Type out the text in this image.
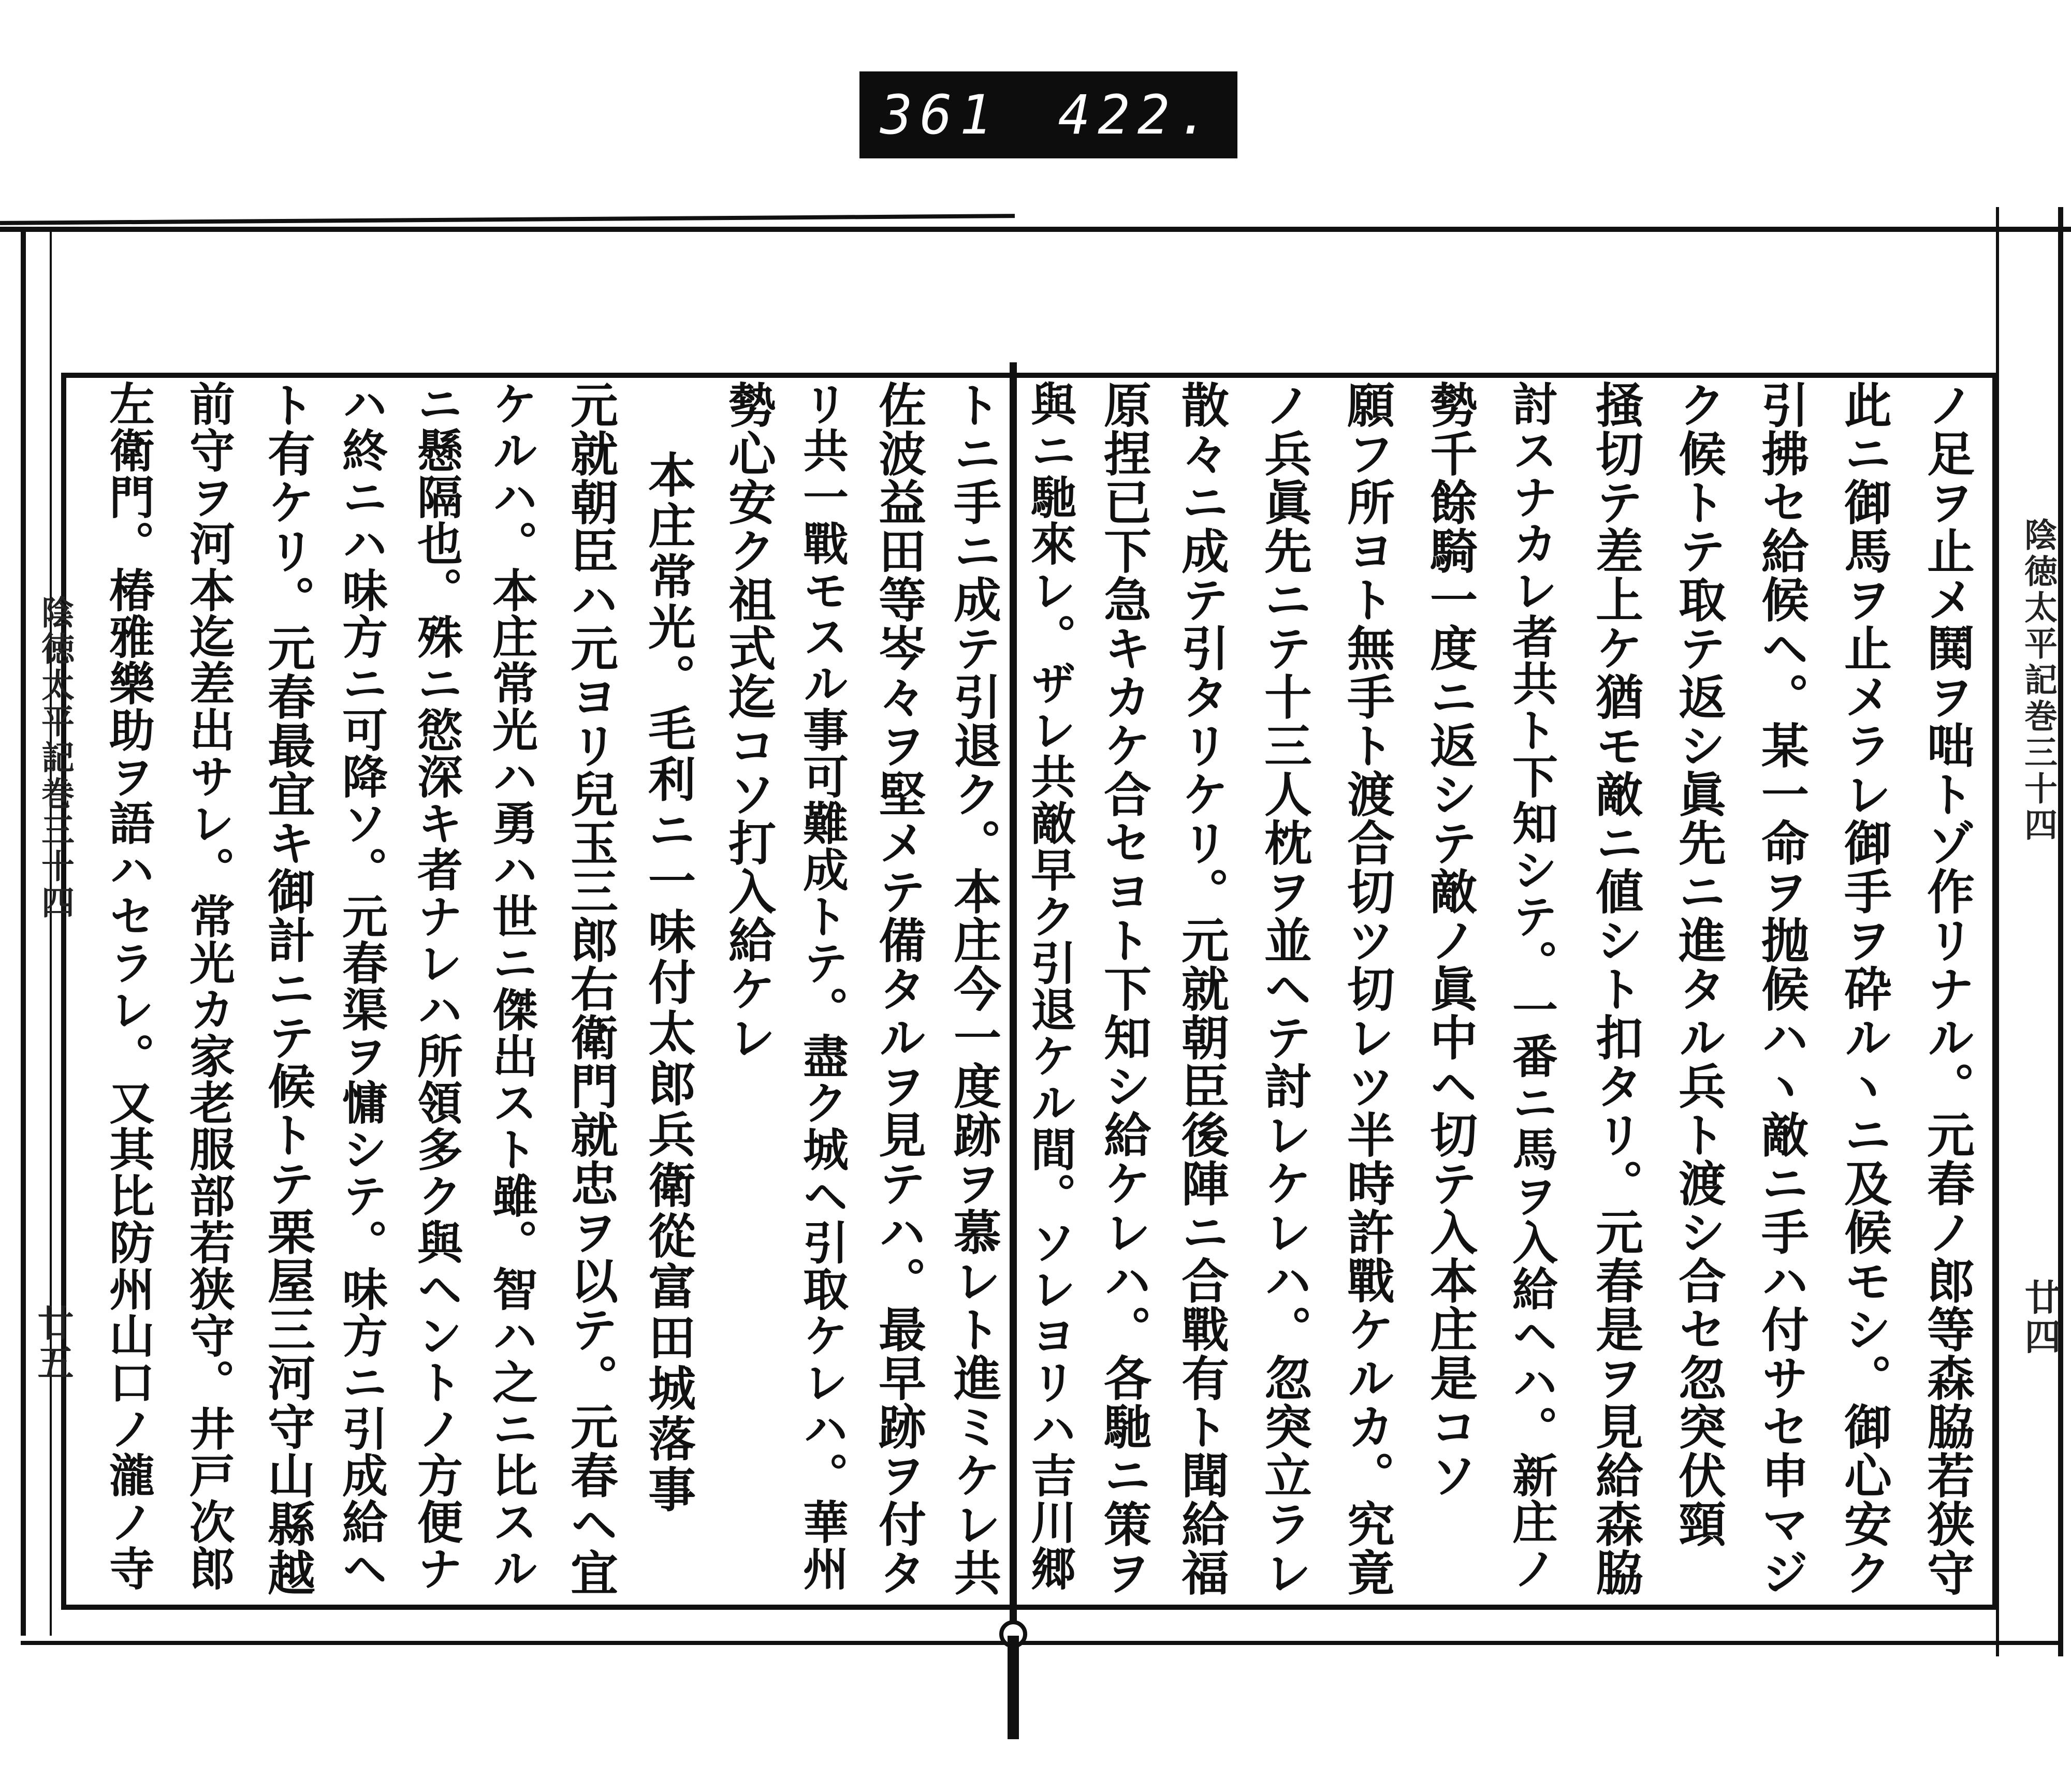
361 422.
陰徳太平記巻三十四
廿五
陰徳太平記巻三十四
廿四
ノ足ヲ止メ鬨ヲ咄トゾ作リナル。元春ノ郎等森脇若狭守
此ニ御馬ヲ止メラレ御手ヲ砕ルヽニ及候モシ。御心安ク
引拂セ給候ヘ。某一命ヲ抛候ハヽ敵ニ手ハ付サセ申マジ
ク候トテ取テ返シ眞先ニ進タル兵ト渡シ合セ忽突伏頸
掻切テ差上ケ猶モ敵ニ値シト扣タリ。元春是ヲ見給森脇
討スナカレ者共ト下知シテ。一番ニ馬ヲ入給ヘハ。新庄ノ
勢千餘騎一度ニ返シテ敵ノ眞中ヘ切テ入本庄是コソ
願フ所ヨト無手ト渡合切ツ切レツ半時許戰ケルカ。究竟
ノ兵眞先ニテ十三人枕ヲ並ヘテ討レケレハ。忽突立ラレ
散々ニ成テ引タリケリ。元就朝臣後陣ニ合戰有ト聞給福
原捏已下急キカケ合セヨト下知シ給ケレハ。各馳ニ策ヲ
與ニ馳來レ。ザレ共敵早ク引退ケル間。ソレヨリハ吉川郷
トニ手ニ成テ引退ク。本庄今一度跡ヲ慕レト進ミケレ共
佐波益田等岑々ヲ堅メテ備タルヲ見テハ。最早跡ヲ付タ
リ共一戰モスル事可難成トテ。盡ク城ヘ引取ケレハ。華州
勢心安ク祖式迄コソ打入給ケレ
本庄常光。毛利ニ一味付太郎兵衛從富田城落事
元就朝臣ハ元ヨリ兒玉三郎右衛門就忠ヲ以テ。元春ヘ宜
ケルハ。本庄常光ハ勇ハ世ニ傑出スト雖。智ハ之ニ比スル
ニ懸隔也。殊ニ慾深キ者ナレハ所領多ク與ヘントノ方便ナ
ハ終ニハ味方ニ可降ソ。元春渠ヲ慵シテ。味方ニ引成給ヘ
ト有ケリ。元春最宜キ御計ニテ候トテ栗屋三河守山縣越
前守ヲ河本迄差出サレ。常光カ家老服部若狭守。井戸次郎
左衛門。椿雅樂助ヲ語ハセラレ。又其比防州山口ノ瀧ノ寺
